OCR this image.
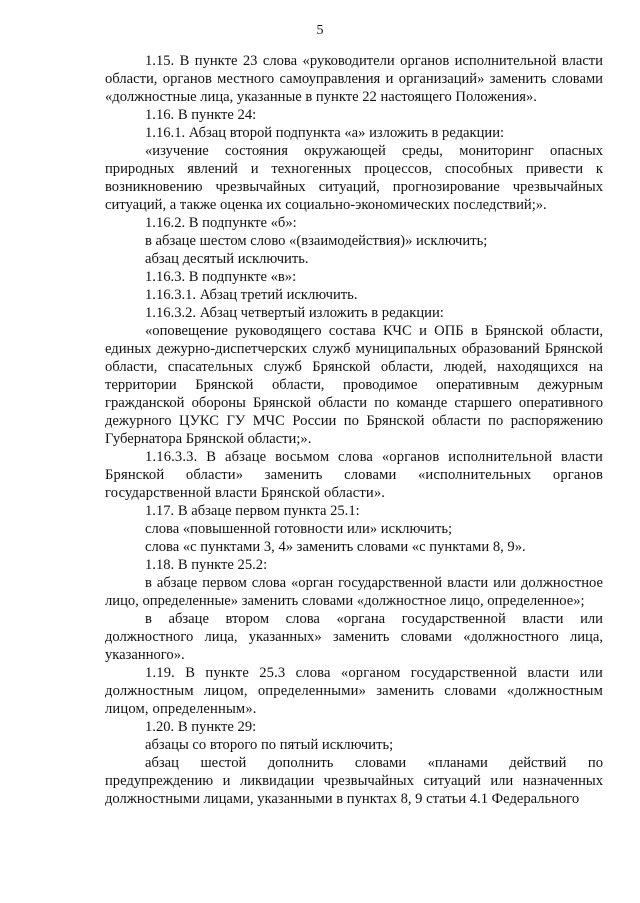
5

1.15. В пункте 23 слова «руководители органов исполнительной власти области, органов местного самоуправления и организаций» заменить словами «должностные лица, указанные в пункте 22 настоящего Положения».

1.16. В пункте 24:

1.16.1. Абзац второй подпункта «а» изложить в редакции:

«изучение состояния окружающей среды, мониторинг опасных природных явлений и техногенных процессов, способных привести к возникновению чрезвычайных ситуаций, прогнозирование чрезвычайных ситуаций, а также оценка их социально-экономических последствий;».

1.16.2. В подпункте «б»:

в абзаце шестом слово «(взаимодействия)» исключить;

абзац десятый исключить.

1.16.3. В подпункте «в»:

1.16.3.1. Абзац третий исключить.

1.16.3.2. Абзац четвертый изложить в редакции:

«оповещение руководящего состава КЧС и ОПБ в Брянской области, единых дежурно-диспетчерских служб муниципальных образований Брянской области, спасательных служб Брянской области, людей, находящихся на территории Брянской области, проводимое оперативным дежурным гражданской обороны Брянской области по команде старшего оперативного дежурного ЦУКС ГУ МЧС России по Брянской области по распоряжению Губернатора Брянской области;».

1.16.3.3. В абзаце восьмом слова «органов исполнительной власти Брянской области» заменить словами «исполнительных органов государственной власти Брянской области».

1.17. В абзаце первом пункта 25.1:

слова «повышенной готовности или» исключить;

слова «с пунктами 3, 4» заменить словами «с пунктами 8, 9».

1.18. В пункте 25.2:

в абзаце первом слова «орган государственной власти или должностное лицо, определенные» заменить словами «должностное лицо, определенное»;

в абзаце втором слова «органа государственной власти или должностного лица, указанных» заменить словами «должностного лица, указанного».

1.19. В пункте 25.3 слова «органом государственной власти или должностным лицом, определенными» заменить словами «должностным лицом, определенным».

1.20. В пункте 29:

абзацы со второго по пятый исключить;

абзац шестой дополнить словами «планами действий по предупреждению и ликвидации чрезвычайных ситуаций или назначенных должностными лицами, указанными в пунктах 8, 9 статьи 4.1 Федерального
